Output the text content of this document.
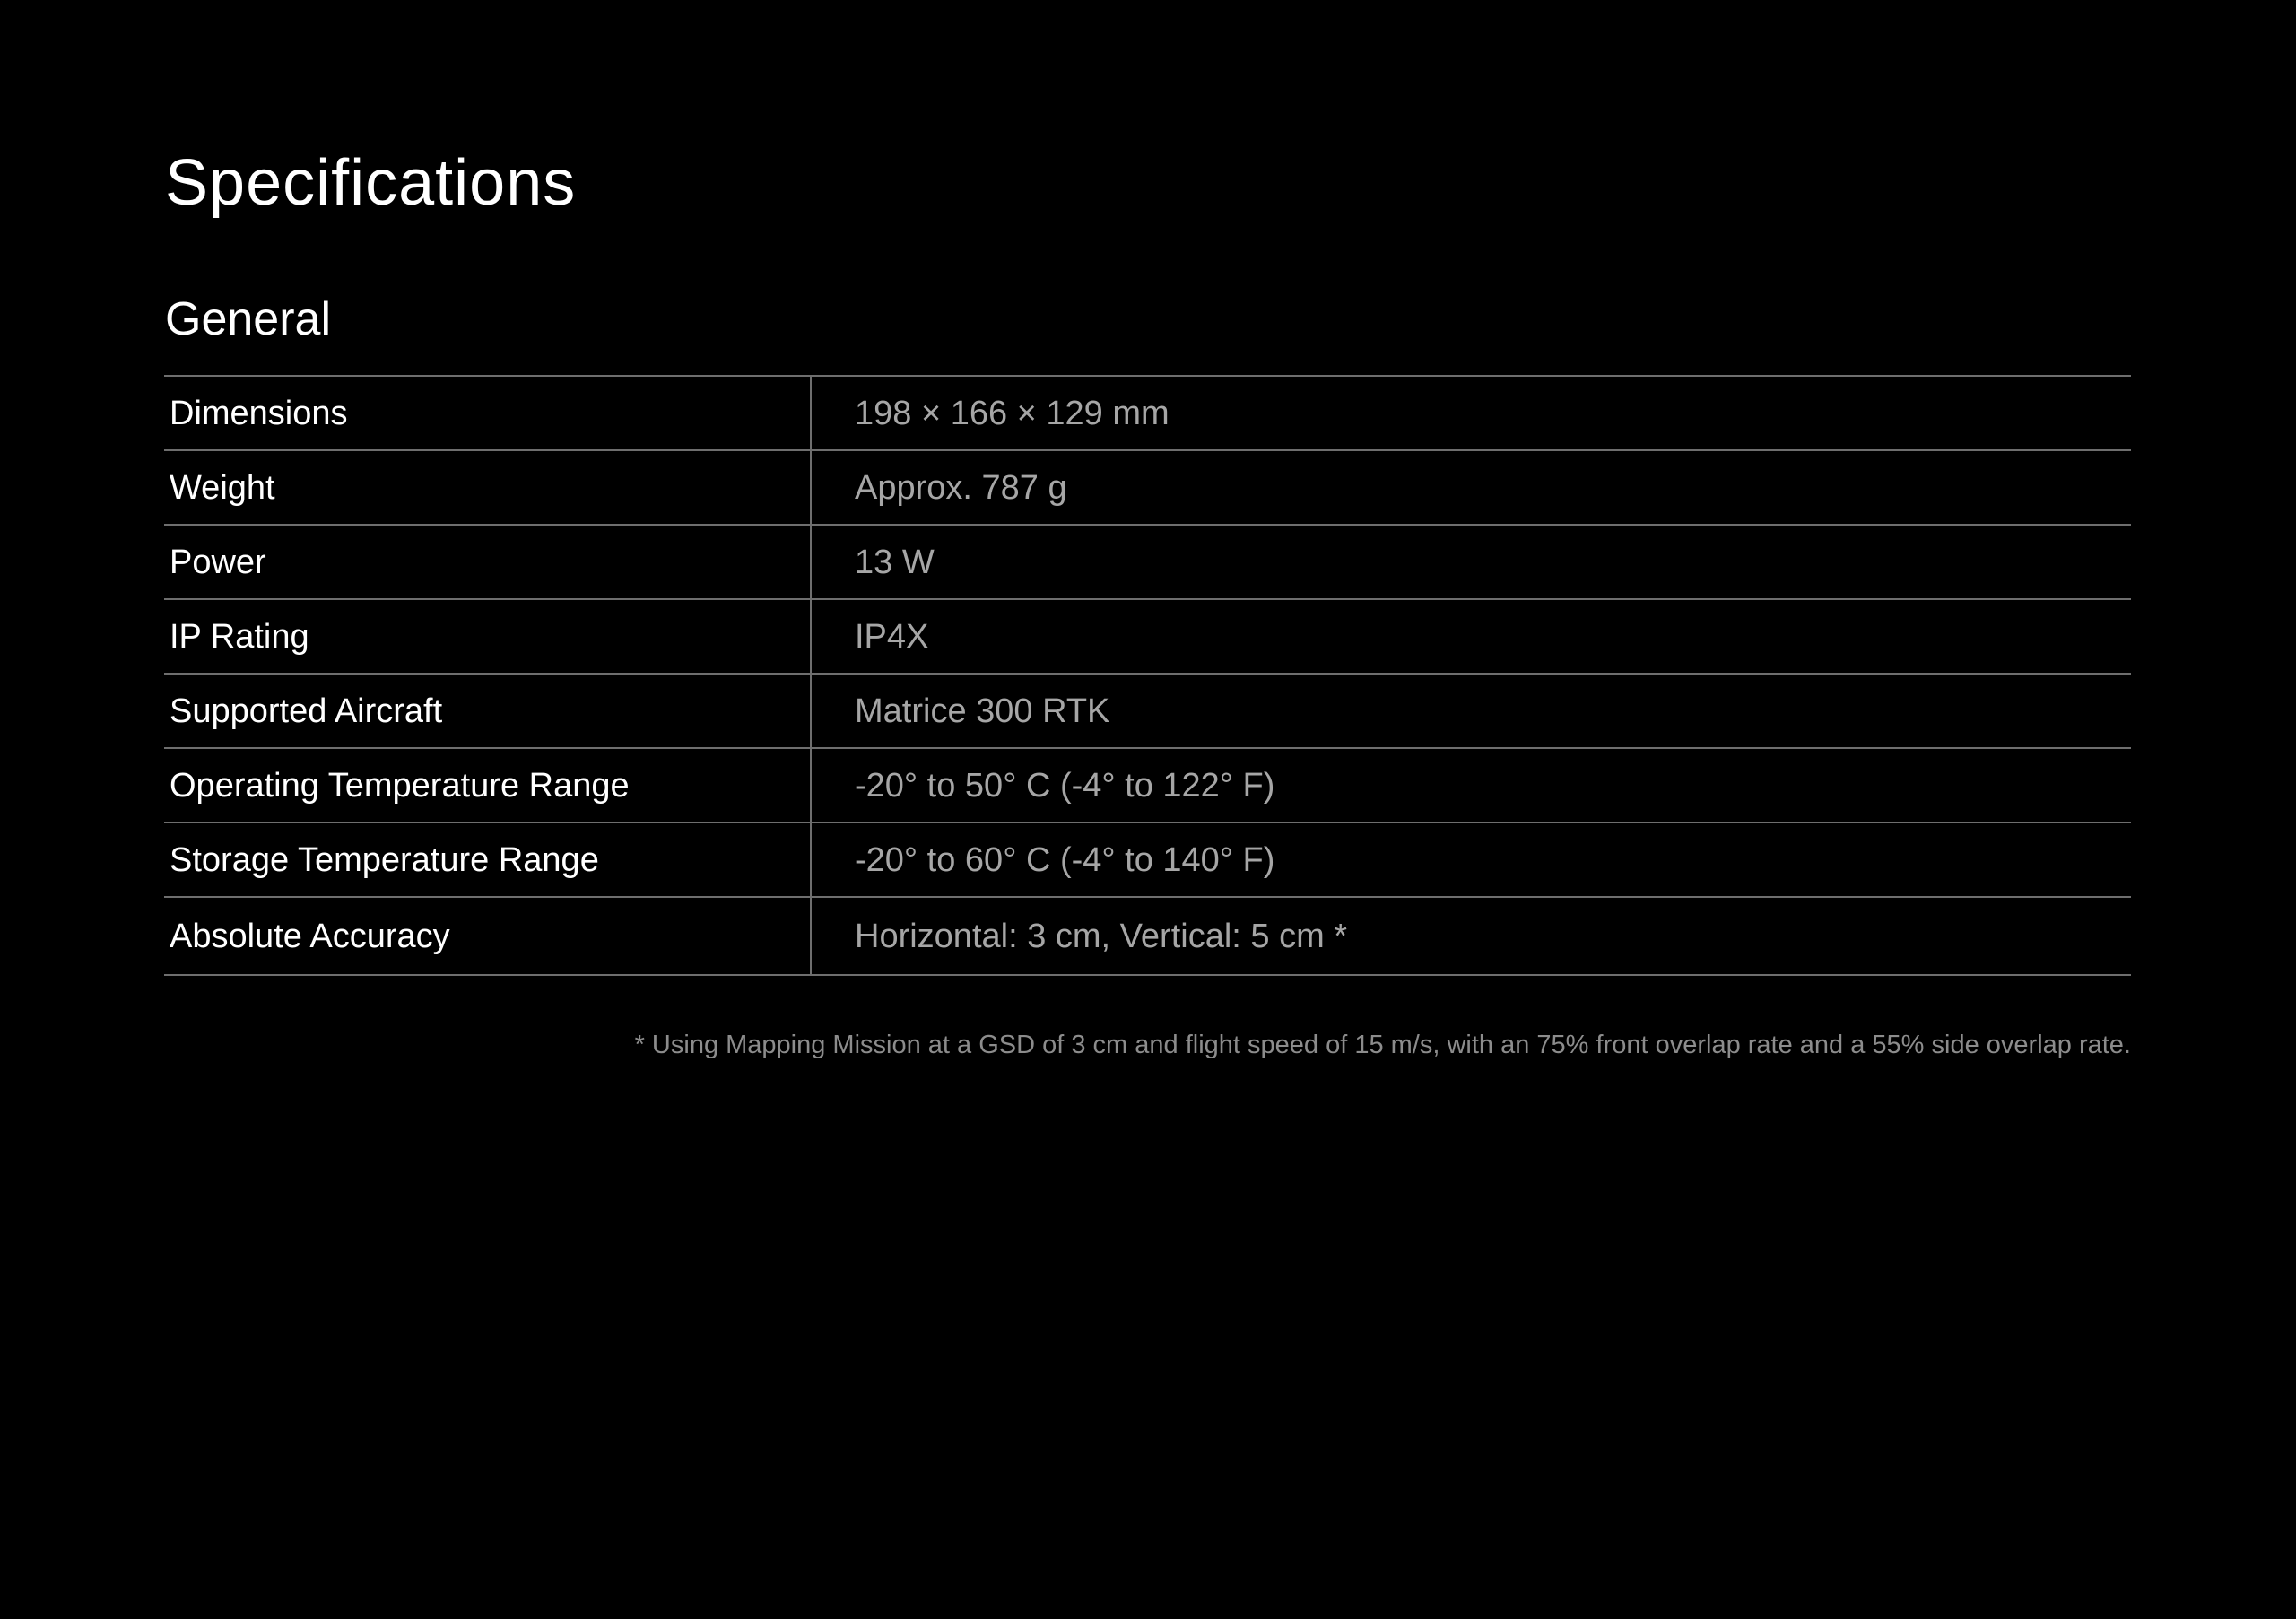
Specifications
General
Dimensions	198 × 166 × 129 mm
Weight	Approx. 787 g
Power	13 W
IP Rating	IP4X
Supported Aircraft	Matrice 300 RTK
Operating Temperature Range	-20° to 50° C (-4° to 122° F)
Storage Temperature Range	-20° to 60° C (-4° to 140° F)
Absolute Accuracy	Horizontal: 3 cm, Vertical: 5 cm *

* Using Mapping Mission at a GSD of 3 cm and flight speed of 15 m/s, with an 75% front overlap rate and a 55% side overlap rate.
